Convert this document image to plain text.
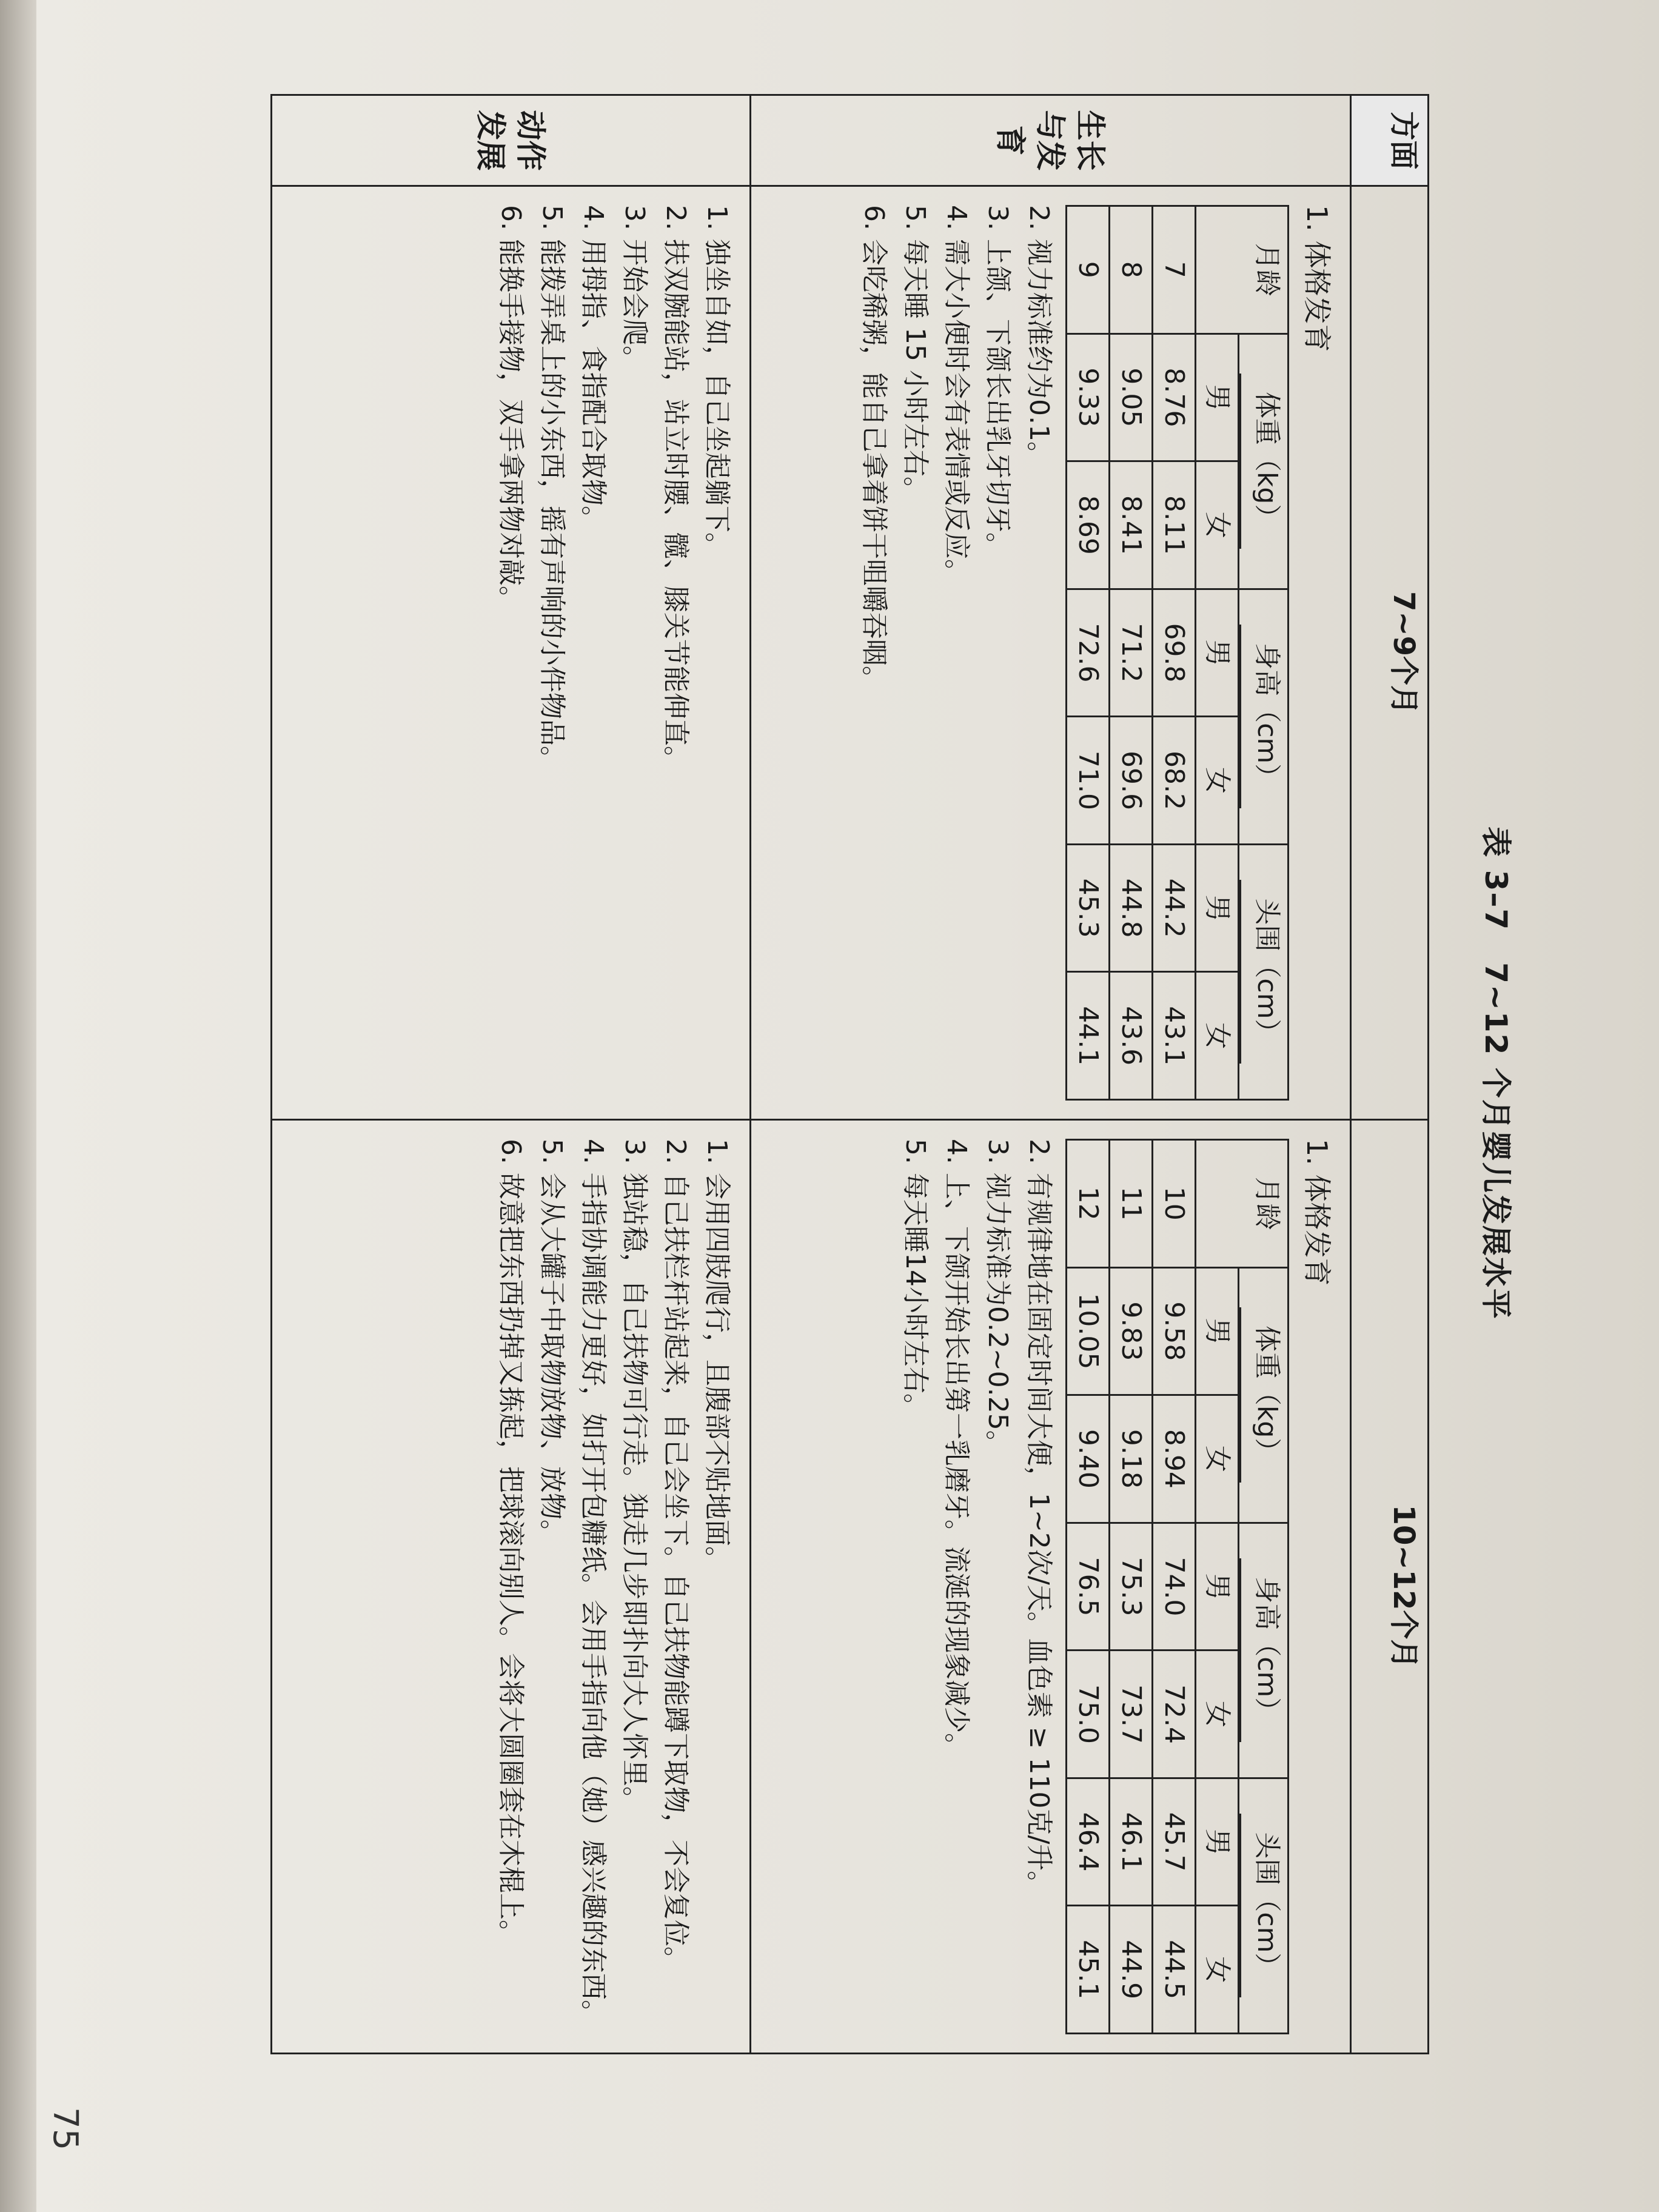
表 3–7　7~12 个月婴儿发展水平
方面	7~9个月	10~12个月
生长与发育	
1. 体格发育
月龄	体重（kg）	身高（cm）	头围（cm）
男	女	男	女	男	女
7	8.76	8.11	69.8	68.2	44.2	43.1
8	9.05	8.41	71.2	69.6	44.8	43.6
9	9.33	8.69	72.6	71.0	45.3	44.1

2. 视力标准约为0.1。

3. 上颌、下颌长出乳牙切牙。

4. 需大小便时会有表情或反应。

5. 每天睡 15 小时左右。

6. 会吃稀粥，能自己拿着饼干咀嚼吞咽。

1. 体格发育
月龄	体重（kg）	身高（cm）	头围（cm）
男	女	男	女	男	女
10	9.58	8.94	74.0	72.4	45.7	44.5
11	9.83	9.18	75.3	73.7	46.1	44.9
12	10.05	9.40	76.5	75.0	46.4	45.1

2. 有规律地在固定时间大便，1~2次/天。血色素 ≥ 110克/升。

3. 视力标准为0.2~0.25。

4. 上、下颌开始长出第一乳磨牙。流涎的现象减少。

5. 每天睡14小时左右。

动作发展	

1. 独坐自如，自己坐起躺下。

2. 扶双腕能站，站立时腰、髋、膝关节能伸直。

3. 开始会爬。

4. 用拇指、食指配合取物。

5. 能拨弄桌上的小东西，摇有声响的小件物品。

6. 能换手接物，双手拿两物对敲。

1. 会用四肢爬行，且腹部不贴地面。

2. 自己扶栏杆站起来，自己会坐下。自己扶物能蹲下取物，不会复位。

3. 独站稳，自己扶物可行走。独走几步即扑向大人怀里。

4. 手指协调能力更好，如打开包糖纸。会用手指向他（她）感兴趣的东西。

5. 会从大罐子中取物放物、放物。

6. 故意把东西扔掉又拣起，把球滚向别人。会将大圆圈套在木棍上。

75
